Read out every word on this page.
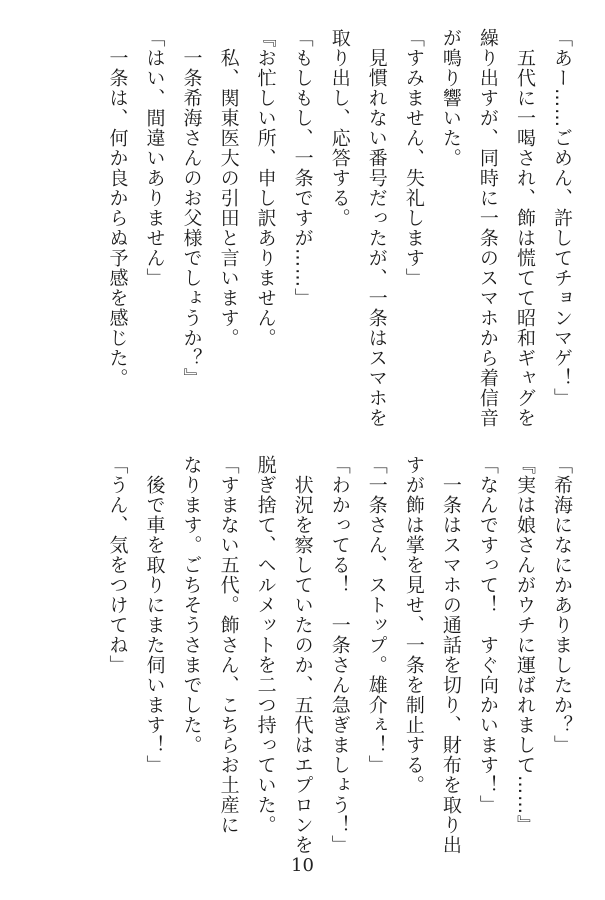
「あー……ごめん、許してチョンマゲ！」
　五代に一喝され、飾は慌てて昭和ギャグを
繰り出すが、同時に一条のスマホから着信音
が鳴り響いた。
「すみません、失礼します」
　見慣れない番号だったが、一条はスマホを
取り出し、応答する。
「もしもし、一条ですが……」
『お忙しい所、申し訳ありません。
　私、関東医大の引田と言います。
　一条希海さんのお父様でしょうか？』
「はい、間違いありません」
　一条は、何か良からぬ予感を感じた。
「希海になにかありましたか？」
『実は娘さんがウチに運ばれまして……』
「なんですって！　すぐ向かいます！」
　一条はスマホの通話を切り、財布を取り出
すが飾は掌を見せ、一条を制止する。
「一条さん、ストップ。雄介ぇ！」
「わかってる！　一条さん急ぎましょう！」
　状況を察していたのか、五代はエプロンを
脱ぎ捨て、ヘルメットを二つ持っていた。
「すまない五代。飾さん、こちらお土産に
なります。ごちそうさまでした。
　後で車を取りにまた伺います！」
「うん、気をつけてね」
10
